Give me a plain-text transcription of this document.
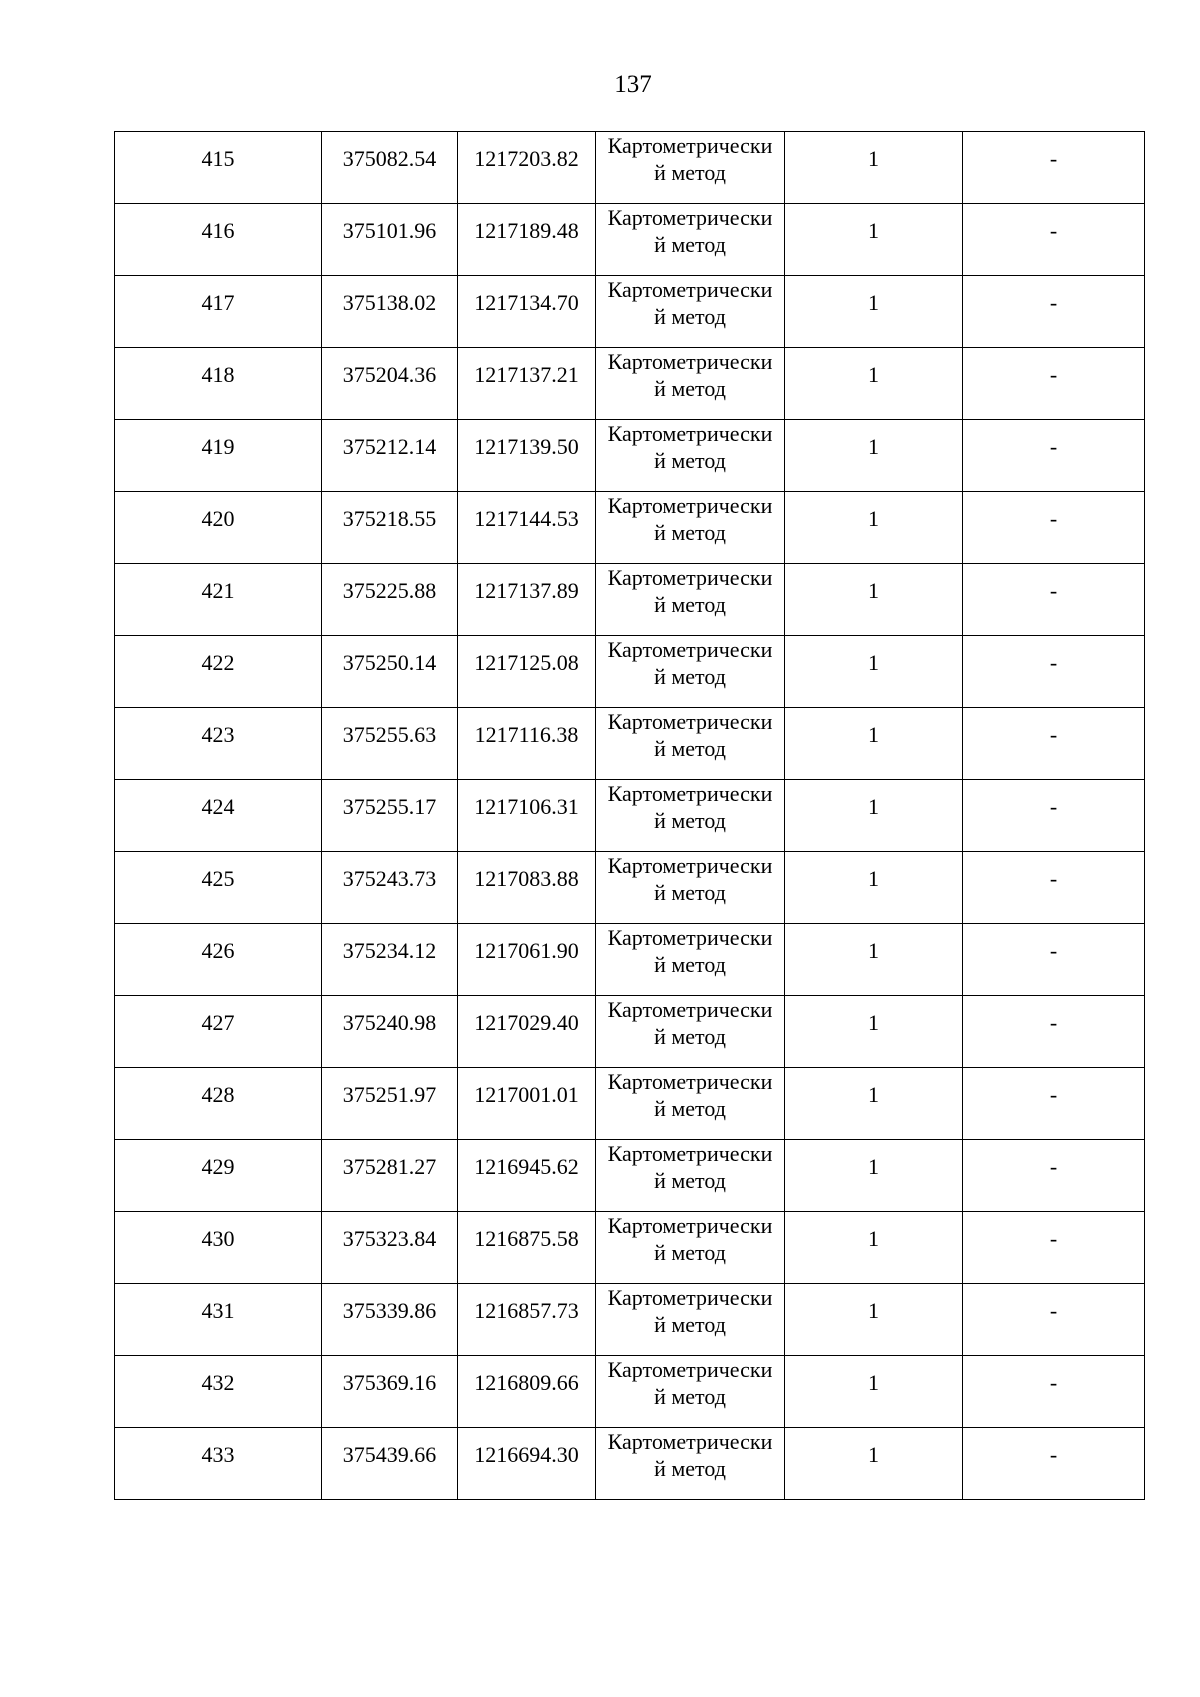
137
415	375082.54	1217203.82	Картометрически
й метод	1	-
416	375101.96	1217189.48	Картометрически
й метод	1	-
417	375138.02	1217134.70	Картометрически
й метод	1	-
418	375204.36	1217137.21	Картометрически
й метод	1	-
419	375212.14	1217139.50	Картометрически
й метод	1	-
420	375218.55	1217144.53	Картометрически
й метод	1	-
421	375225.88	1217137.89	Картометрически
й метод	1	-
422	375250.14	1217125.08	Картометрически
й метод	1	-
423	375255.63	1217116.38	Картометрически
й метод	1	-
424	375255.17	1217106.31	Картометрически
й метод	1	-
425	375243.73	1217083.88	Картометрически
й метод	1	-
426	375234.12	1217061.90	Картометрически
й метод	1	-
427	375240.98	1217029.40	Картометрически
й метод	1	-
428	375251.97	1217001.01	Картометрически
й метод	1	-
429	375281.27	1216945.62	Картометрически
й метод	1	-
430	375323.84	1216875.58	Картометрически
й метод	1	-
431	375339.86	1216857.73	Картометрически
й метод	1	-
432	375369.16	1216809.66	Картометрически
й метод	1	-
433	375439.66	1216694.30	Картометрически
й метод	1	-
